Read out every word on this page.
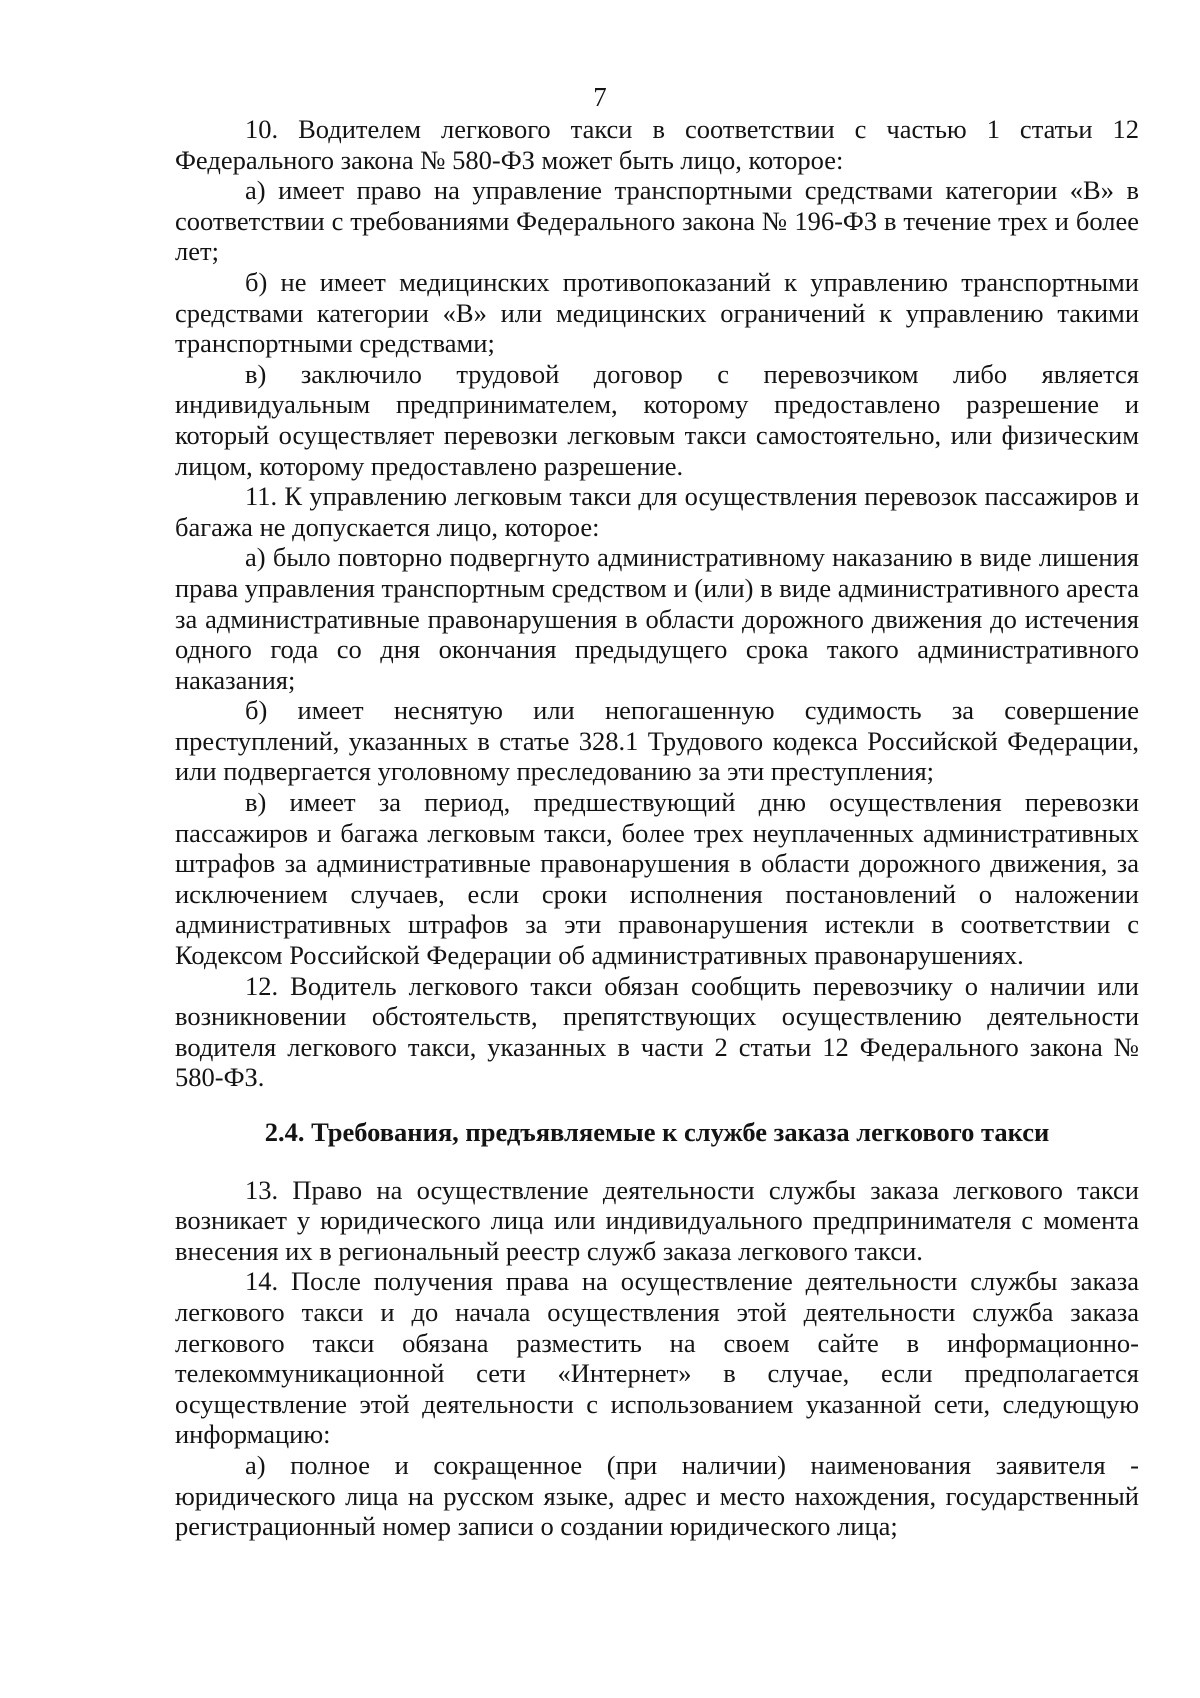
7

10. Водителем легкового такси в соответствии с частью 1 статьи 12 Федерального закона № 580-ФЗ может быть лицо, которое:

а) имеет право на управление транспортными средствами категории «В» в соответствии с требованиями Федерального закона № 196-ФЗ в течение трех и более лет;

б) не имеет медицинских противопоказаний к управлению транспортными средствами категории «В» или медицинских ограничений к управлению такими транспортными средствами;

в) заключило трудовой договор с перевозчиком либо является индивидуальным предпринимателем, которому предоставлено разрешение и который осуществляет перевозки легковым такси самостоятельно, или физическим лицом, которому предоставлено разрешение.

11. К управлению легковым такси для осуществления перевозок пассажиров и багажа не допускается лицо, которое:

а) было повторно подвергнуто административному наказанию в виде лишения права управления транспортным средством и (или) в виде административного ареста за административные правонарушения в области дорожного движения до истечения одного года со дня окончания предыдущего срока такого административного наказания;

б) имеет неснятую или непогашенную судимость за совершение преступлений, указанных в статье 328.1 Трудового кодекса Российской Федерации, или подвергается уголовному преследованию за эти преступления;

в) имеет за период, предшествующий дню осуществления перевозки пассажиров и багажа легковым такси, более трех неуплаченных административных штрафов за административные правонарушения в области дорожного движения, за исключением случаев, если сроки исполнения постановлений о наложении административных штрафов за эти правонарушения истекли в соответствии с Кодексом Российской Федерации об административных правонарушениях.

12. Водитель легкового такси обязан сообщить перевозчику о наличии или возникновении обстоятельств, препятствующих осуществлению деятельности водителя легкового такси, указанных в части 2 статьи 12 Федерального закона № 580-ФЗ.

2.4. Требования, предъявляемые к службе заказа легкового такси

13. Право на осуществление деятельности службы заказа легкового такси возникает у юридического лица или индивидуального предпринимателя с момента внесения их в региональный реестр служб заказа легкового такси.

14. После получения права на осуществление деятельности службы заказа легкового такси и до начала осуществления этой деятельности служба заказа легкового такси обязана разместить на своем сайте в информационно-телекоммуникационной сети «Интернет» в случае, если предполагается осуществление этой деятельности с использованием указанной сети, следующую информацию:

а) полное и сокращенное (при наличии) наименования заявителя - юридического лица на русском языке, адрес и место нахождения, государственный регистрационный номер записи о создании юридического лица;
